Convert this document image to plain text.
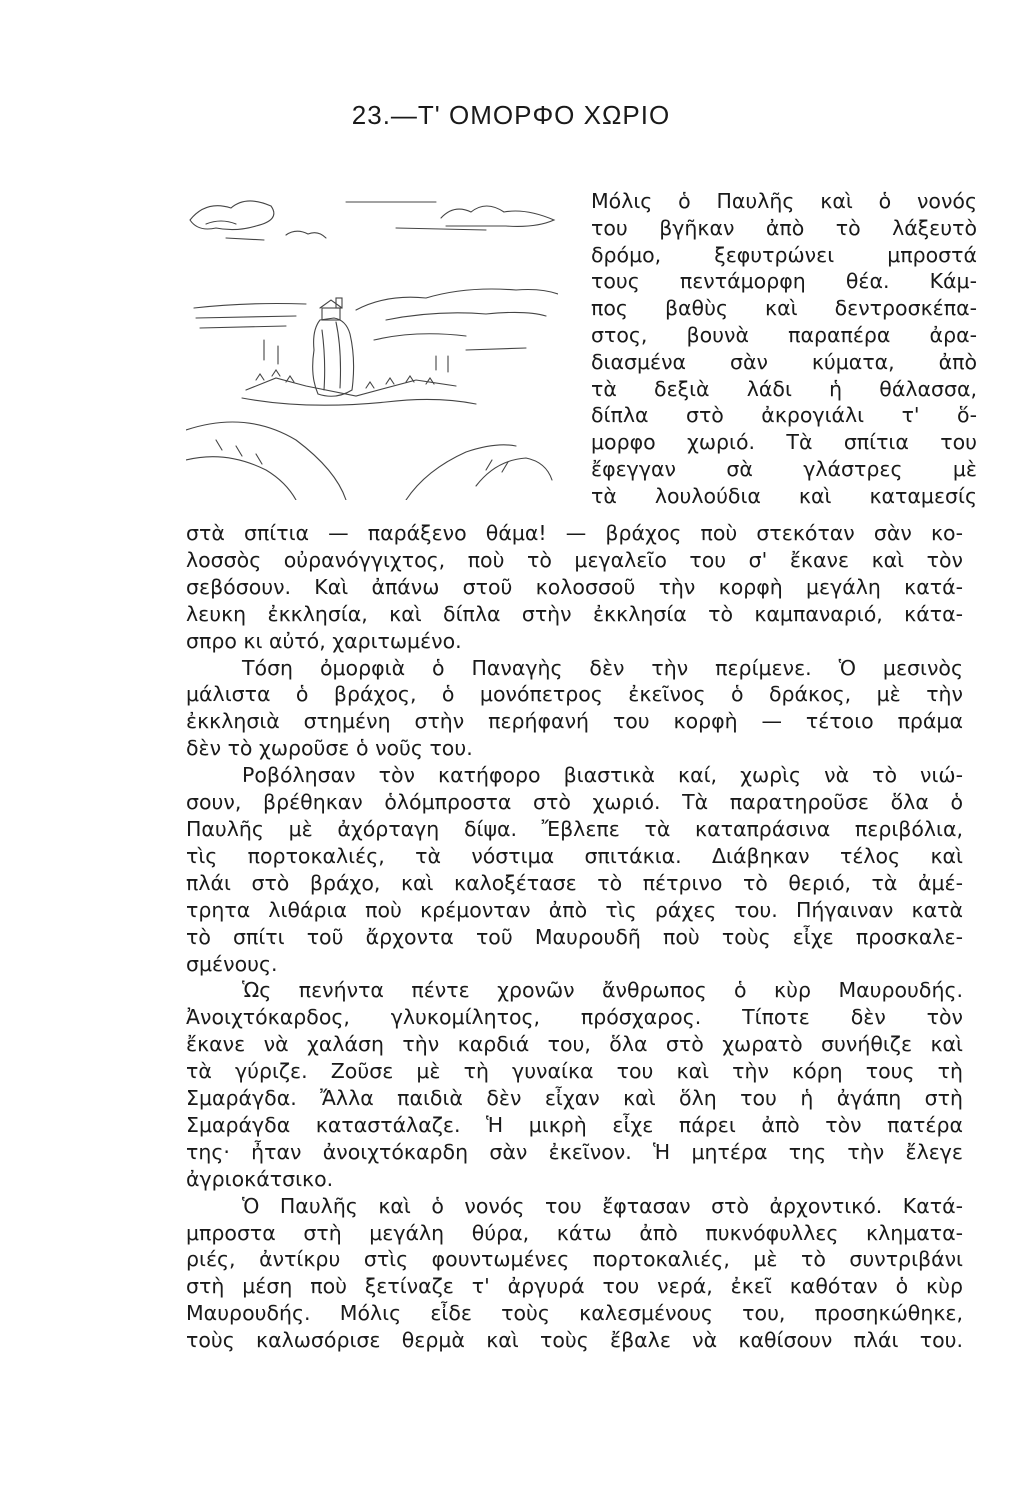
23.—Τ' ΟΜΟΡΦΟ ΧΩΡΙΟ
Μόλις ὁ Παυλῆς καὶ ὁ νονός
του βγῆκαν ἀπὸ τὸ λάξευτὸ
δρόμο, ξεφυτρώνει μπροστά
τους πεντάμορφη θέα. Κάμ-
πος βαθὺς καὶ δεντροσκέπα-
στος, βουνὰ παραπέρα ἀρα-
διασμένα σὰν κύματα, ἀπὸ
τὰ δεξιὰ λάδι ἡ θάλασσα,
δίπλα στὸ ἀκρογιάλι τ' ὅ-
μορφο χωριό. Τὰ σπίτια του
ἔφεγγαν σὰ γλάστρες μὲ
τὰ λουλούδια καὶ καταμεσίς
στὰ σπίτια — παράξενο θάμα! — βράχος ποὺ στεκόταν σὰν κο-
λοσσὸς οὐρανόγγιχτος, ποὺ τὸ μεγαλεῖο του σ' ἔκανε καὶ τὸν
σεβόσουν. Καὶ ἀπάνω στοῦ κολοσσοῦ τὴν κορφὴ μεγάλη κατά-
λευκη ἐκκλησία, καὶ δίπλα στὴν ἐκκλησία τὸ καμπαναριό, κάτα-
σπρο κι αὐτό, χαριτωμένο.
Τόση ὀμορφιὰ ὁ Παναγὴς δὲν τὴν περίμενε. Ὁ μεσινὸς
μάλιστα ὁ βράχος, ὁ μονόπετρος ἐκεῖνος ὁ δράκος, μὲ τὴν
ἐκκλησιὰ στημένη στὴν περήφανή του κορφὴ — τέτοιο πράμα
δὲν τὸ χωροῦσε ὁ νοῦς του.
Ροβόλησαν τὸν κατήφορο βιαστικὰ καί, χωρὶς νὰ τὸ νιώ-
σουν, βρέθηκαν ὁλόμπροστα στὸ χωριό. Τὰ παρατηροῦσε ὅλα ὁ
Παυλῆς μὲ ἀχόρταγη δίψα. Ἔβλεπε τὰ καταπράσινα περιβόλια,
τὶς πορτοκαλιές, τὰ νόστιμα σπιτάκια. Διάβηκαν τέλος καὶ
πλάι στὸ βράχο, καὶ καλοξέτασε τὸ πέτρινο τὸ θεριό, τὰ ἀμέ-
τρητα λιθάρια ποὺ κρέμονταν ἀπὸ τὶς ράχες του. Πήγαιναν κατὰ
τὸ σπίτι τοῦ ἄρχοντα τοῦ Μαυρουδῆ ποὺ τοὺς εἶχε προσκαλε-
σμένους.
Ὡς πενήντα πέντε χρονῶν ἄνθρωπος ὁ κὺρ Μαυρουδής.
Ἀνοιχτόκαρδος, γλυκομίλητος, πρόσχαρος. Τίποτε δὲν τὸν
ἔκανε νὰ χαλάση τὴν καρδιά του, ὅλα στὸ χωρατὸ συνήθιζε καὶ
τὰ γύριζε. Ζοῦσε μὲ τὴ γυναίκα του καὶ τὴν κόρη τους τὴ
Σμαράγδα. Ἄλλα παιδιὰ δὲν εἶχαν καὶ ὅλη του ἡ ἀγάπη στὴ
Σμαράγδα καταστάλαζε. Ἡ μικρὴ εἶχε πάρει ἀπὸ τὸν πατέρα
της· ἦταν ἀνοιχτόκαρδη σὰν ἐκεῖνον. Ἡ μητέρα της τὴν ἔλεγε
ἀγριοκάτσικο.
Ὁ Παυλῆς καὶ ὁ νονός του ἔφτασαν στὸ ἀρχοντικό. Κατά-
μπροστα στὴ μεγάλη θύρα, κάτω ἀπὸ πυκνόφυλλες κληματα-
ριές, ἀντίκρυ στὶς φουντωμένες πορτοκαλιές, μὲ τὸ συντριβάνι
στὴ μέση ποὺ ξετίναζε τ' ἀργυρά του νερά, ἐκεῖ καθόταν ὁ κὺρ
Μαυρουδής. Μόλις εἶδε τοὺς καλεσμένους του, προσηκώθηκε,
τοὺς καλωσόρισε θερμὰ καὶ τοὺς ἔβαλε νὰ καθίσουν πλάι του.
